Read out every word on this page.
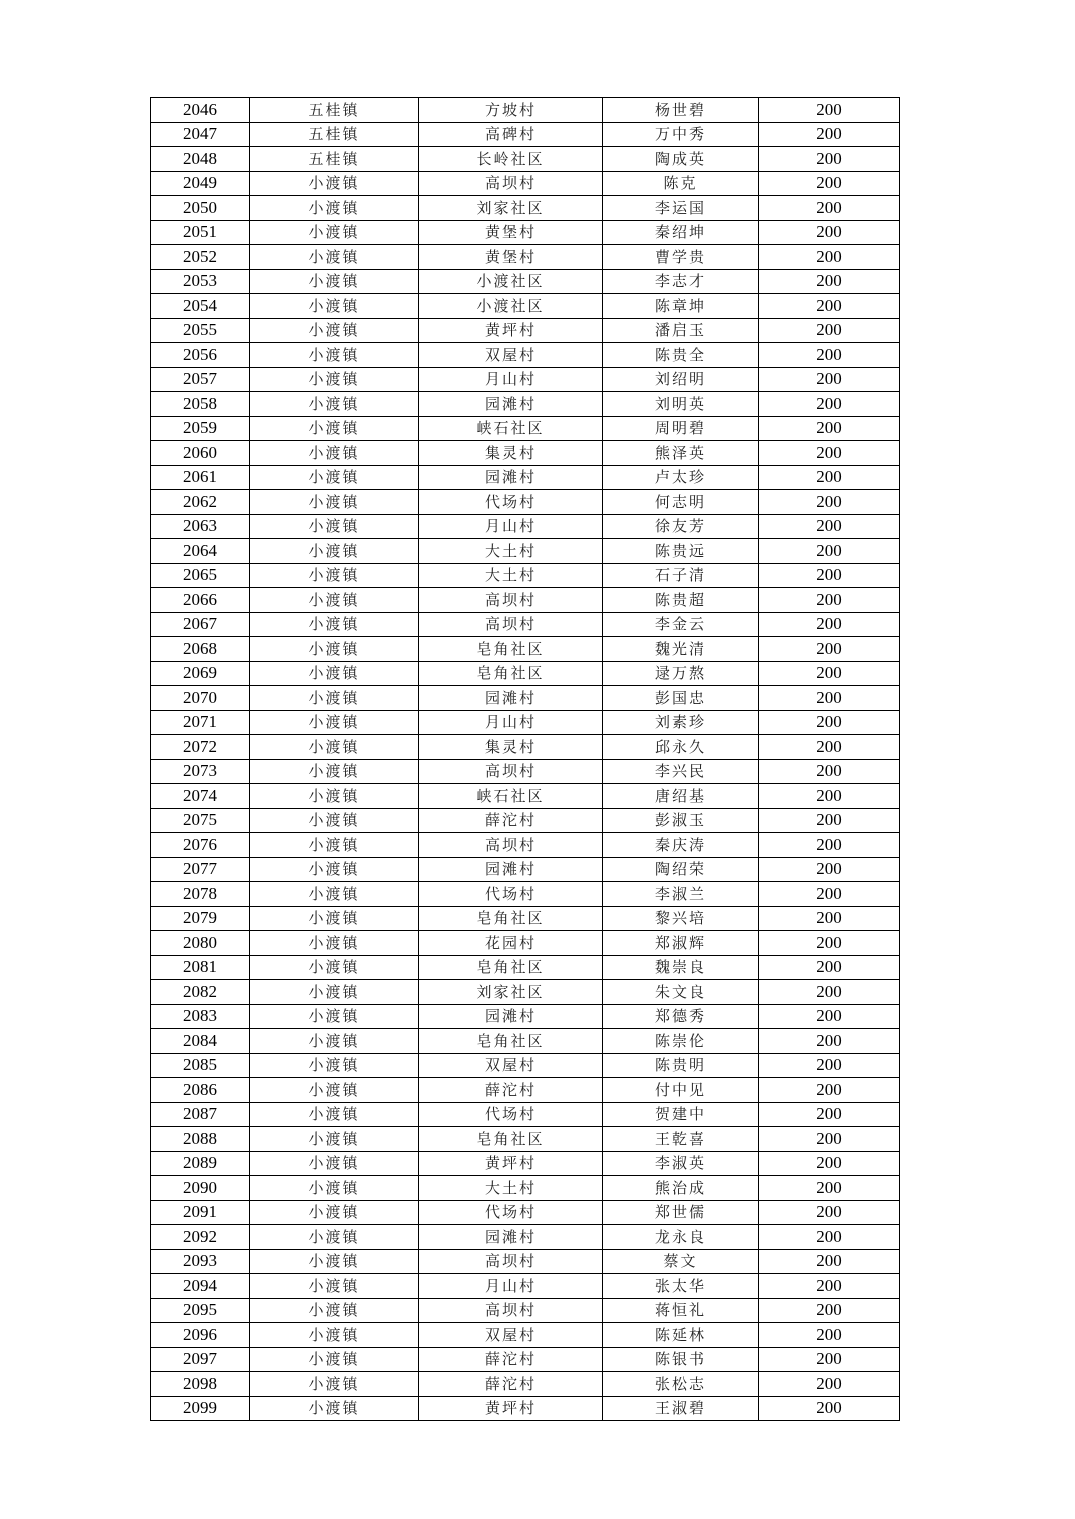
2046	五桂镇	方坡村	杨世碧	200
2047	五桂镇	高碑村	万中秀	200
2048	五桂镇	长岭社区	陶成英	200
2049	小渡镇	高坝村	陈克	200
2050	小渡镇	刘家社区	李运国	200
2051	小渡镇	黄堡村	秦绍坤	200
2052	小渡镇	黄堡村	曹学贵	200
2053	小渡镇	小渡社区	李志才	200
2054	小渡镇	小渡社区	陈章坤	200
2055	小渡镇	黄坪村	潘启玉	200
2056	小渡镇	双屋村	陈贵全	200
2057	小渡镇	月山村	刘绍明	200
2058	小渡镇	园滩村	刘明英	200
2059	小渡镇	峡石社区	周明碧	200
2060	小渡镇	集灵村	熊泽英	200
2061	小渡镇	园滩村	卢太珍	200
2062	小渡镇	代场村	何志明	200
2063	小渡镇	月山村	徐友芳	200
2064	小渡镇	大土村	陈贵远	200
2065	小渡镇	大土村	石子清	200
2066	小渡镇	高坝村	陈贵超	200
2067	小渡镇	高坝村	李金云	200
2068	小渡镇	皂角社区	魏光清	200
2069	小渡镇	皂角社区	逯万熬	200
2070	小渡镇	园滩村	彭国忠	200
2071	小渡镇	月山村	刘素珍	200
2072	小渡镇	集灵村	邱永久	200
2073	小渡镇	高坝村	李兴民	200
2074	小渡镇	峡石社区	唐绍基	200
2075	小渡镇	薛沱村	彭淑玉	200
2076	小渡镇	高坝村	秦庆涛	200
2077	小渡镇	园滩村	陶绍荣	200
2078	小渡镇	代场村	李淑兰	200
2079	小渡镇	皂角社区	黎兴培	200
2080	小渡镇	花园村	郑淑辉	200
2081	小渡镇	皂角社区	魏崇良	200
2082	小渡镇	刘家社区	朱文良	200
2083	小渡镇	园滩村	郑德秀	200
2084	小渡镇	皂角社区	陈崇伦	200
2085	小渡镇	双屋村	陈贵明	200
2086	小渡镇	薛沱村	付中见	200
2087	小渡镇	代场村	贺建中	200
2088	小渡镇	皂角社区	王乾喜	200
2089	小渡镇	黄坪村	李淑英	200
2090	小渡镇	大土村	熊治成	200
2091	小渡镇	代场村	郑世儒	200
2092	小渡镇	园滩村	龙永良	200
2093	小渡镇	高坝村	蔡文	200
2094	小渡镇	月山村	张太华	200
2095	小渡镇	高坝村	蒋恒礼	200
2096	小渡镇	双屋村	陈延林	200
2097	小渡镇	薛沱村	陈银书	200
2098	小渡镇	薛沱村	张松志	200
2099	小渡镇	黄坪村	王淑碧	200
